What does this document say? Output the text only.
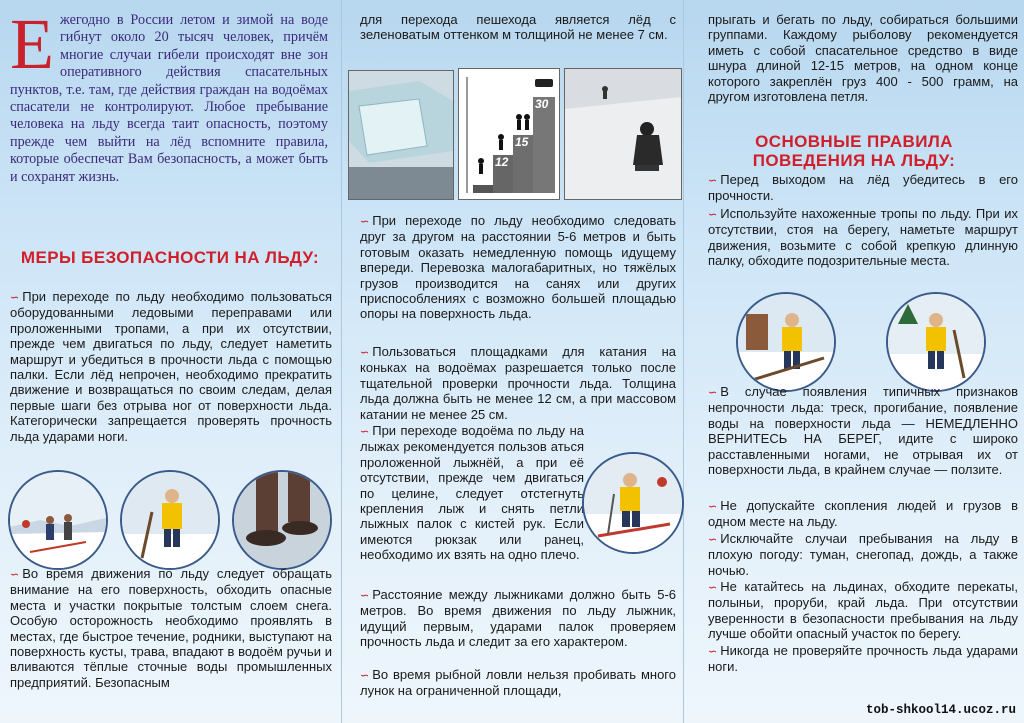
Ежегодно в России летом и зимой на воде гибнут около 20 тысяч человек, причём многие случаи гибели происходят вне зон оперативного действия спасательных пунктов, т.е. там, где действия граждан на водоёмах спасатели не контролируют. Любое пребывание человека на льду всегда таит опасность, поэтому прежде чем выйти на лёд вспомните правила, которые обеспечат Вам безопасность, а может быть и сохранят жизнь.
МЕРЫ БЕЗОПАСНОСТИ НА ЛЬДУ:

∽ При переходе по льду необходимо пользоваться оборудованными ледовыми переправами или проложенными тропами, а при их отсутствии, прежде чем двигаться по льду, следует наметить маршрут и убедиться в прочности льда с помощью палки. Если лёд непрочен, необходимо прекратить движение и возвращаться по своим следам, делая первые шаги без отрыва ног от поверхности льда. Категорически запрещается проверять прочность льда ударами ноги.

∽ Во время движения по льду следует обращать внимание на его поверхность, обходить опасные места и участки покрытые толстым слоем снега. Особую осторожность необходимо проявлять в местах, где быстрое течение, родники, выступают на поверхность кусты, трава, впадают в водоём ручьи и вливаются тёплые сточные воды промышленных предприятий. Безопасным

для перехода пешехода является лёд с зеленоватым оттенком м толщиной не менее 7 см.

7
12
15
30

∽ При переходе по льду необходимо следовать друг за другом на расстоянии 5-6 метров и быть готовым оказать немедленную помощь идущему впереди. Перевозка малогабаритных, но тяжёлых грузов производится на санях или других приспособлениях с возможно большей площадью опоры на поверхность льда.

∽ Пользоваться площадками для катания на коньках на водоёмах разрешается только после тщательной проверки прочности льда. Толщина льда должна быть не менее 12 см, а при массовом катании не менее 25 см.

∽ При переходе водоёма по льду на лыжах рекомендуется пользов аться проложенной лыжнёй, а при её отсутствии, прежде чем двигаться по целине, следует отстегнуть крепления лыж и снять петли лыжных палок с кистей рук. Если имеются рюкзак или ранец, необходимо их взять на одно плечо.

∽ Расстояние между лыжниками должно быть 5-6 метров. Во время движения по льду лыжник, идущий первым, ударами палок проверяем прочность льда и следит за его характером.

∽ Во время рыбной ловли нельзя пробивать много лунок на ограниченной площади,

прыгать и бегать по льду, собираться большими группами. Каждому рыболову рекомендуется иметь с собой спасательное средство в виде шнура длиной 12-15 метров, на одном конце которого закреплён груз 400 - 500 грамм, на другом изготовлена петля.

ОСНОВНЫЕ ПРАВИЛА ПОВЕДЕНИЯ НА ЛЬДУ:

∽ Перед выходом на лёд убедитесь в его прочности.

∽ Используйте нахоженные тропы по льду. При их отсутствии, стоя на берегу, наметьте маршрут движения, возьмите с собой крепкую длинную палку, обходите подозрительные места.

∽ В случае появления типичных признаков непрочности льда: треск, прогибание, появление воды на поверхности льда — НЕМЕДЛЕННО ВЕРНИТЕСЬ НА БЕРЕГ, идите с широко расставленными ногами, не отрывая их от поверхности льда, в крайнем случае — ползите.

∽ Не допускайте скопления людей и грузов в одном месте на льду.

∽ Исключайте случаи пребывания на льду в плохую погоду: туман, снегопад, дождь, а также ночью.

∽ Не катайтесь на льдинах, обходите перекаты, полыньи, проруби, край льда. При отсутствии уверенности в безопасности пребывания на льду лучше обойти опасный участок по берегу.

∽ Никогда не проверяйте прочность льда ударами ноги.

tob-shkool14.ucoz.ru
